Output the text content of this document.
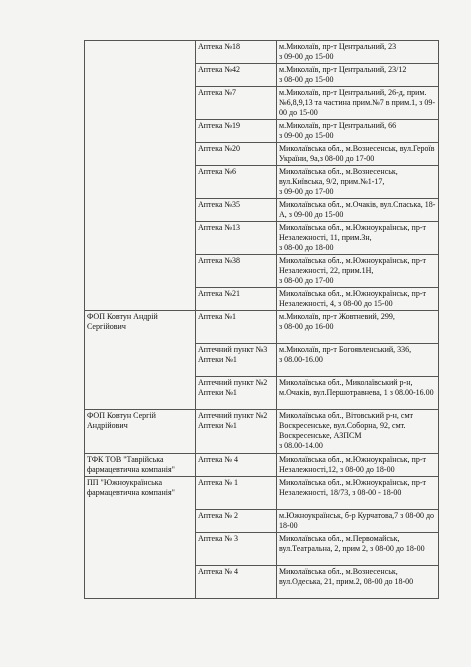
	Аптека №18	м.Миколаїв, пр-т Центральний, 23
з 09-00 до 15-00
	Аптека №42	м.Миколаїв, пр-т Центральний, 23/12
з 08-00 до 15-00
	Аптека №7	м.Миколаїв, пр-т Центральний, 26-д, прим.№6,8,9,13 та частина прим.№7 в прим.1, з 09-00 до 15-00
	Аптека №19	м.Миколаїв, пр-т Центральний, 66
з 09-00 до 15-00
	Аптека №20	Миколаївська обл., м.Вознесенськ, вул.Героїв України, 9а,з 08-00 до 17-00
	Аптека №6	Миколаївська обл., м.Вознесенськ, вул.Київська, 9/2, прим.№1-17,
з 09-00 до 17-00
	Аптека №35	Миколаївська обл., м.Очаків, вул.Спаська, 18-А, з 09-00 до 15-00
	Аптека №13	Миколаївська обл., м.Южноукраїнськ, пр-т Незалежності, 11, прим.3н,
з 08-00 до 18-00
	Аптека №38	Миколаївська обл., м.Южноукраїнськ, пр-т Незалежності, 22, прим.1Н,
з 08-00 до 17-00
	Аптека №21	Миколаївська обл., м.Южноукраїнськ, пр-т Незалежності, 4, з 08-00 до 15-00
ФОП Ковтун Андрій Сергійович	Аптека №1	м.Миколаїв, пр-т Жовтневий, 299,
з 08-00 до 16-00
	Аптечний пункт №3 Аптеки №1	м.Миколаїв, пр-т Богоявленський, 336,
з 08.00-16.00
	Аптечний пункт №2 Аптеки №1	Миколаївська обл., Миколаївський р-н, м.Очаків, вул.Першотравнева, 1 з 08.00-16.00
ФОП Ковтун Сергій Андрійович	Аптечний пункт №2 Аптеки №1	Миколаївська обл., Вітовський р-н, смт Воскресенське, вул.Соборна, 92, смт. Воскресенське, АЗПСМ
з 08.00-14.00
ТФК ТОВ "Таврійська фармацевтична компанія"	Аптека № 4	Миколаївська обл., м.Южноукраїнськ, пр-т Незалежності,12, з 08-00 до 18-00
ПП "Южноукраїнська фармацевтична компанія"	Аптека № 1	Миколаївська обл., м.Южноукраїнськ, пр-т Незалежності, 18/73, з 08-00 - 18-00
	Аптека № 2	м.Южноукраїнськ, б-р Курчатова,7 з 08-00 до 18-00
	Аптека № 3	Миколаївська обл., м.Первомайськ, вул.Театральна, 2, прим 2, з 08-00 до 18-00
	Аптека № 4	Миколаївська обл., м.Вознесенськ, вул.Одеська, 21, прим.2, 08-00 до 18-00
